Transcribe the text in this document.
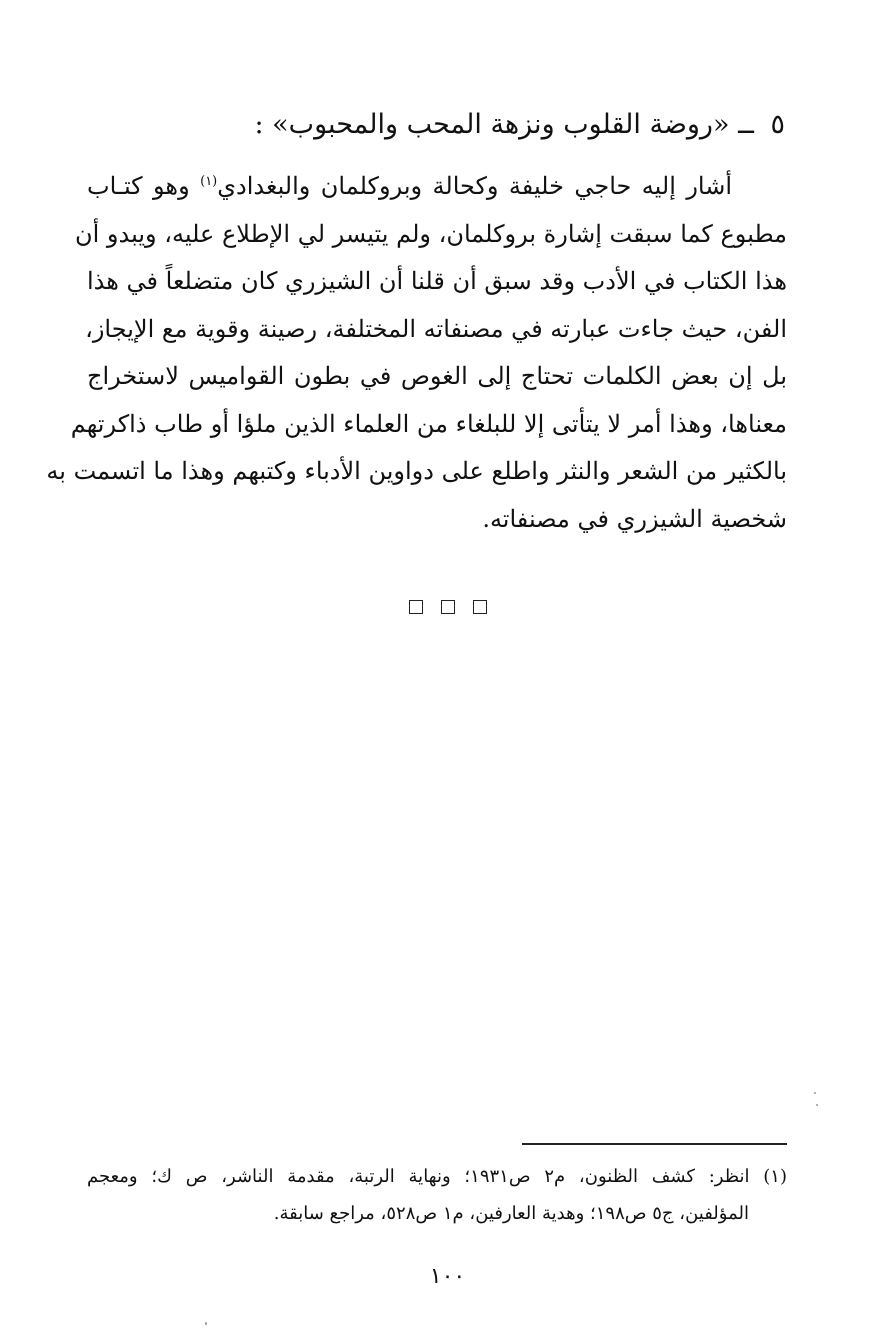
٥ ــ «روضة القلوب ونزهة المحب والمحبوب» :
أشار إليه حاجي خليفة وكحالة وبروكلمان والبغدادي$^{(١)}$ وهو كتـاب
مطبوع كما سبقت إشارة بروكلمان، ولم يتيسر لي الإطلاع عليه، ويبدو أن
هذا الكتاب في الأدب وقد سبق أن قلنا أن الشيزري كان متضلعاً في هذا
الفن، حيث جاءت عبارته في مصنفاته المختلفة، رصينة وقوية مع الإيجاز،
بل إن بعض الكلمات تحتاج إلى الغوص في بطون القواميس لاستخراج
معناها، وهذا أمر لا يتأتى إلا للبلغاء من العلماء الذين ملؤا أو طاب ذاكرتهم
بالكثير من الشعر والنثر واطلع على دواوين الأدباء وكتبهم وهذا ما اتسمت به
شخصية الشيزري في مصنفاته.

(١) انظر: كشف الظنون، م٢ ص١٩٣١؛ ونهاية الرتبة، مقدمة الناشر، ص ك؛ ومعجم
المؤلفين، ج٥ ص١٩٨؛ وهدية العارفين، م١ ص٥٢٨، مراجع سابقة.
١٠٠
